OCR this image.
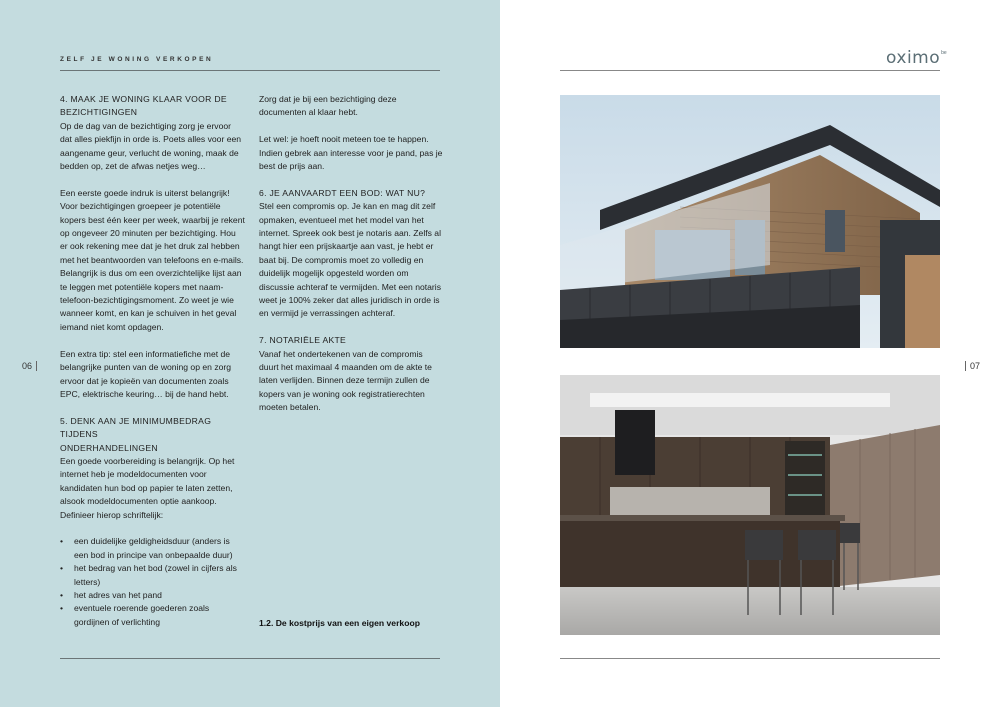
ZELF JE WONING VERKOPEN

4. MAAK JE WONING KLAAR VOOR DE
BEZICHTIGINGEN
Op de dag van de bezichtiging zorg je ervoor dat alles piekfijn in orde is. Poets alles voor een aangename geur, verlucht de woning, maak de bedden op, zet de afwas netjes weg…

Een eerste goede indruk is uiterst belangrijk! Voor bezichtigingen groepeer je potentiële kopers best één keer per week, waarbij je rekent op ongeveer 20 minuten per bezichtiging. Hou er ook rekening mee dat je het druk zal hebben met het beantwoorden van telefoons en e-mails. Belangrijk is dus om een overzichtelijke lijst aan te leggen met potentiële kopers met naam-telefoon-bezichtigingsmoment. Zo weet je wie wanneer komt, en kan je schuiven in het geval iemand niet komt opdagen.

Een extra tip: stel een informatiefiche met de belangrijke punten van de woning op en zorg ervoor dat je kopieën van documenten zoals EPC, elektrische keuring… bij de hand hebt.

5. DENK AAN JE MINIMUMBEDRAG TIJDENS
ONDERHANDELINGEN
Een goede voorbereiding is belangrijk. Op het internet heb je modeldocumenten voor kandidaten hun bod op papier te laten zetten, alsook modeldocumenten optie aankoop. Definieer hierop schriftelijk:

• een duidelijke geldigheidsduur (anders is een bod in principe van onbepaalde duur)
• het bedrag van het bod (zowel in cijfers als letters)
• het adres van het pand
• eventuele roerende goederen zoals gordijnen of verlichting

Zorg dat je bij een bezichtiging deze documenten al klaar hebt.

Let wel: je hoeft nooit meteen toe te happen. Indien gebrek aan interesse voor je pand, pas je best de prijs aan.

6. JE AANVAARDT EEN BOD: WAT NU?
Stel een compromis op. Je kan en mag dit zelf opmaken, eventueel met het model van het internet. Spreek ook best je notaris aan. Zelfs al hangt hier een prijskaartje aan vast, je hebt er baat bij. De compromis moet zo volledig en duidelijk mogelijk opgesteld worden om discussie achteraf te vermijden. Met een notaris weet je 100% zeker dat alles juridisch in orde is en vermijd je verrassingen achteraf.

7. NOTARIËLE AKTE
Vanaf het ondertekenen van de compromis duurt het maximaal 4 maanden om de akte te laten verlijden. Binnen deze termijn zullen de kopers van je woning ook registratierechten moeten betalen.

1.2. De kostprijs van een eigen verkoop
06
oximo be
07
